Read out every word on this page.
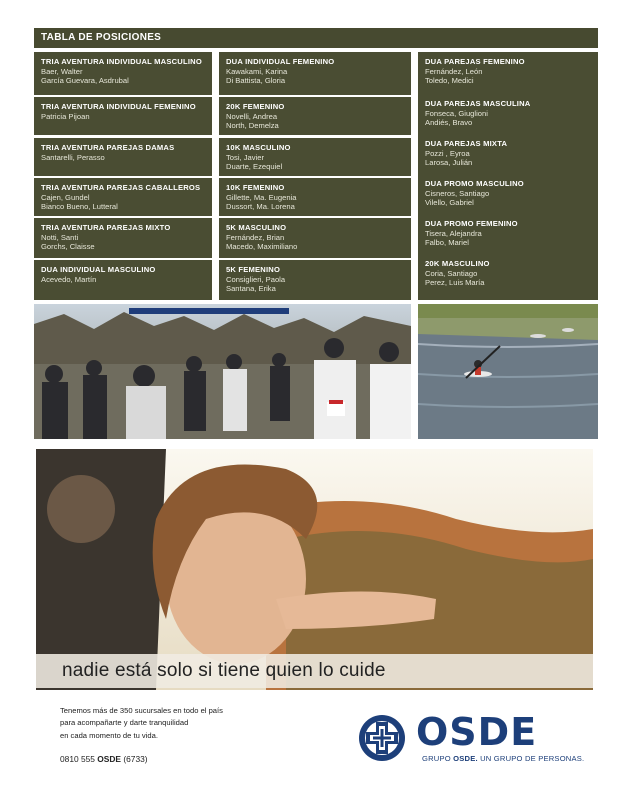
TABLA DE POSICIONES
TRIA AVENTURA INDIVIDUAL MASCULINO
Baer, Walter
García Guevara, Asdrubal
TRIA AVENTURA INDIVIDUAL FEMENINO
Patricia Pijoan
TRIA AVENTURA PAREJAS DAMAS
Santarelli, Perasso
TRIA AVENTURA PAREJAS CABALLEROS
Cajen, Gundel
Bianco Bueno, Lutteral
TRIA AVENTURA PAREJAS MIXTO
Notti, Santi
Gorchs, Claisse
DUA INDIVIDUAL MASCULINO
Acevedo, Martín
DUA INDIVIDUAL FEMENINO
Kawakami, Karina
Di Battista, Gloria
20K FEMENINO
Novelli, Andrea
North, Demelza
10K MASCULINO
Tosi, Javier
Duarte, Ezequiel
10K FEMENINO
Gillette, Ma. Eugenia
Dussort, Ma. Lorena
5K MASCULINO
Fernández, Brian
Macedo, Maximiliano
5K FEMENINO
Consiglieri, Paola
Santana, Erika
DUA PAREJAS FEMENINO
Fernández, León
Toledo, Medici
DUA PAREJAS MASCULINA
Fonseca, Giuglioni
Andiés, Bravo
DUA PAREJAS MIXTA
Pozzi , Eyroa
Larosa, Julián
DUA PROMO MASCULINO
Cisneros, Santiago
Vilello, Gabriel
DUA PROMO FEMENINO
Tisera, Alejandra
Falbo, Mariel
20K MASCULINO
Coria, Santiago
Perez, Luis María
nadie está solo si tiene quien lo cuide
Tenemos más de 350 sucursales en todo el país
para acompañarte y darte tranquilidad
en cada momento de tu vida.
0810 555 OSDE (6733)
OSDE
GRUPO OSDE. UN GRUPO DE PERSONAS.
